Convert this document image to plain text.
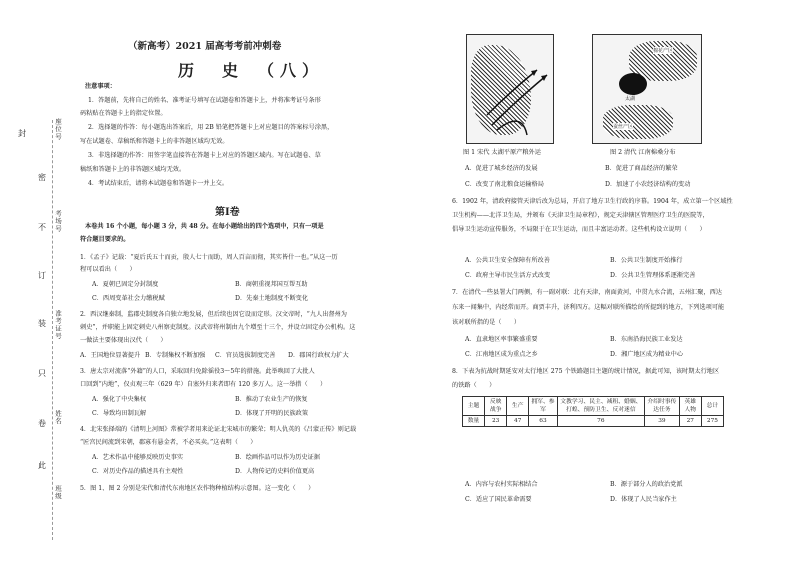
封
密
不
订
装
只
卷
此
座位号
考场号
准考证号
姓名
班级
（新高考）2021 届高考考前冲刺卷
历　史　（八）
注意事项：
1．答题前，先将自己的姓名、准考证号填写在试题卷和答题卡上，并将准考证号条形
码粘贴在答题卡上的指定位置。
2．选择题的作答：每小题选出答案后，用 2B 铅笔把答题卡上对应题目的答案标号涂黑，
写在试题卷、草稿纸和答题卡上的非答题区域均无效。
3．非选择题的作答：用签字笔直接答在答题卡上对应的答题区域内。写在试题卷、草
稿纸和答题卡上的非答题区域均无效。
4．考试结束后，请将本试题卷和答题卡一并上交。
第Ⅰ卷
本卷共 16 个小题，每小题 3 分，共 48 分。在每小题给出的四个选项中，只有一项是
符合题目要求的。
1．《孟子》记载：“夏后氏五十而贡，殷人七十而助，周人百亩而彻，其实皆什一也。”从这一历
程可以看出（　　）
A．夏朝已固定分封制度	B．商朝重视邦国互帮互助
C．西周变革社会力缴税赋	D．先秦土地制度不断变化
2．西汉继秦制，监郡史制度各自独立地发展，但后续也因它设而定形。汉文帝时，“九人出督州为
刺史”，并职能上固定刺史八州察吏制度。汉武帝将州制由九个增至十三个，并设立固定办公机构。这
一做法主要体现出汉代（　　）
A．王国地位显著提升 B．专制集权不断加强 C．官员选拔制度完善 D．郡国行政权力扩大
3．唐太宗对流落“外籍”的人口，采取回归免除徭役3～5年的措施。此举唤回了大批人
口回到“内地”，仅贞观三年（629 年）自塞外归来者即有 120 多万人。这一举措（　　）
A．强化了中央集权	B．推动了农业生产的恢复
C．导致均田制瓦解	D．体现了开明的民族政策
4．北宋张择端的《清明上河图》常被学者用来论证北宋城市的繁荣；明人仇英的《吕蒙正传》则记载
“匠宫民间流到宋朝，郡寡有悬金者，不必买卖。”这表明（　　）
A．艺术作品中能够反映历史事实	B．绘画作品可以作为历史证据
C．对历史作品的描述具有主观性	D．人物传记的史料价值更高
5．图 1、图 2 分别是宋代和清代东南地区农作物种植结构示意图。这一变化（　　）
棉花产区
蚕丝产区
太湖
图 1 宋代 太湖平原产粮外运	图 2 清代 江南棉桑分布
A．促进了城乡经济的发展	B．促进了商品经济的繁荣
C．改变了南北粮食运输格局	D．加速了小农经济结构的变动
6．1902 年，清政府接管天津后改为总局，开启了地方卫生行政的序幕。1904 年，成立第一个区域性
卫生机构——北洋卫生局，并颁布《天津卫生局章程》，规定天津辖区管理医疗卫生的医院等，
倡导卫生运动宣传服务，不局限于在卫生运动，而且丰富运动者。这些机构设立说明（　　）
A．公共卫生安全保障有所改善	B．公共卫生制度开始推行
C．政府主导市民生活方式改变	D．公共卫生管理体系逐渐完善
7．在清代一些县署大门两侧，有一副对联：北有天津，南面黄河，中贯九水合流，五州汇聚，西达
东来一闻集中，内经常而开。商贾丰升，济利四方。这幅对联所描绘的所提到的地方，下列选项可能
该对联所指的是（　　）
A．直隶地区率事繁盛重要	B．东南沿海民族工业发达
C．江南地区成为重点之乡	D．湘广地区成为精业中心
8．下表为抗战时期延安对太行地区 275 个铁路题目主题的统计情况，据此可知，该时期太行地区
的铁路（　　）
主题	反映战争	生产	拥军、参军	文教学习、民主、减租、婚姻、打蝗、预防卫生、反对迷信	介绍时事传达任务	英雄人物	总计
数量	23	47	63	76	39	27	275
A．内容与农村实际相结合	B．源于部分人的政治党派
C．适应了国民革命需要	D．体现了人民当家作主
